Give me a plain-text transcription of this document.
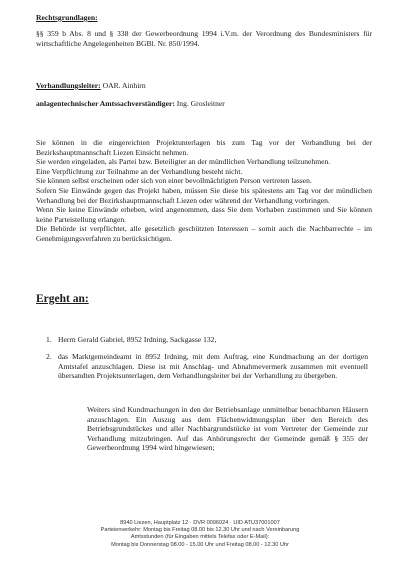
Rechtsgrundlagen:
§§ 359 b Abs. 8 und § 338 der Gewerbeordnung 1994 i.V.m. der Verordnung des Bundesministers für wirtschaftliche Angelegenheiten BGBl. Nr. 850/1994.
Verhandlungsleiter: OAR. Ainhirn
anlagentechnischer Amtssachverständiger: Ing. Grosleitner

Sie können in die eingereichten Projektunterlagen bis zum Tag vor der Verhandlung bei der Bezirkshauptmannschaft Liezen Einsicht nehmen.

Sie werden eingeladen, als Partei bzw. Beteiligter an der mündlichen Verhandlung teilzunehmen.

Eine Verpflichtung zur Teilnahme an der Verhandlung besteht nicht.

Sie können selbst erscheinen oder sich von einer bevollmächtigten Person vertreten lassen.

Sofern Sie Einwände gegen das Projekt haben, müssen Sie diese bis spätestens am Tag vor der mündlichen Verhandlung bei der Bezirkshauptmannschaft Liezen oder während der Verhandlung vorbringen.

Wenn Sie keine Einwände erheben, wird angenommen, dass Sie dem Vorhaben zustimmen und Sie können keine Parteistellung erlangen.

Die Behörde ist verpflichtet, alle gesetzlich geschützten Interessen – somit auch die Nachbarrechte – im Genehmigungsverfahren zu berücksichtigen.

Ergeht an:
1. Herrn Gerald Gabriel, 8952 Irdning, Sackgasse 132,
2. das Marktgemeindeamt in 8952 Irdning, mit dem Auftrag, eine Kundmachung an der dortigen Amtstafel anzuschlagen. Diese ist mit Anschlag- und Abnahmevermerk zusammen mit eventuell übersandten Projektsunterlagen, dem Verhandlungsleiter bei der Verhandlung zu übergeben.
Weiters sind Kundmachungen in den der Betriebsanlage unmittelbar benachbarten Häusern anzuschlagen. Ein Auszug aus dem Flächenwidmungsplan über den Bereich des Betriebsgrundstückes und aller Nachbargrundstücke ist vom Vertreter der Gemeinde zur Verhandlung mitzubringen. Auf das Anhörungsrecht der Gemeinde gemäß § 355 der Gewerbeordnung 1994 wird hingewiesen;
8940 Liezen, Hauptplatz 12 · DVR 0096024 · UID ATU37001007
Parteienverkehr: Montag bis Freitag 08.00 bis 12.30 Uhr und nach Vereinbarung
Amtsstunden (für Eingaben mittels Telefax oder E-Mail):
Montag bis Donnerstag 08.00 - 15.00 Uhr und Freitag 08.00 - 12.30 Uhr
